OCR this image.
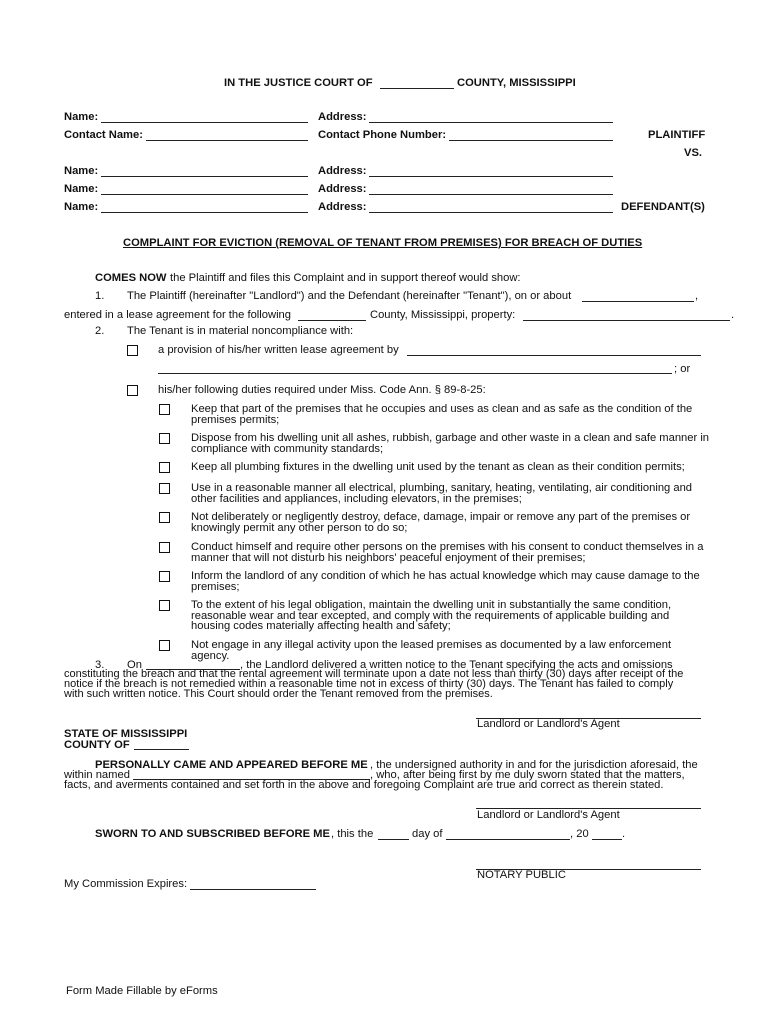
IN THE JUSTICE COURT OF	COUNTY, MISSISSIPPI
Name:	Address:
Contact Name:	Contact Phone Number:	PLAINTIFF
VS.
Name:	Address:
Name:	Address:
Name:	Address:	DEFENDANT(S)
COMPLAINT FOR EVICTION (REMOVAL OF TENANT FROM PREMISES) FOR BREACH OF DUTIES
COMES NOW the Plaintiff and files this Complaint and in support thereof would show:
1. The Plaintiff (hereinafter "Landlord") and the Defendant (hereinafter "Tenant"), on or about	,
entered in a lease agreement for the following	County, Mississippi, property:	.
2. The Tenant is in material noncompliance with:
a provision of his/her written lease agreement by
; or
his/her following duties required under Miss. Code Ann. § 89-8-25:
Keep that part of the premises that he occupies and uses as clean and as safe as the condition of the premises permits;
Dispose from his dwelling unit all ashes, rubbish, garbage and other waste in a clean and safe manner in compliance with community standards;
Keep all plumbing fixtures in the dwelling unit used by the tenant as clean as their condition permits;
Use in a reasonable manner all electrical, plumbing, sanitary, heating, ventilating, air conditioning and other facilities and appliances, including elevators, in the premises;
Not deliberately or negligently destroy, deface, damage, impair or remove any part of the premises or knowingly permit any other person to do so;
Conduct himself and require other persons on the premises with his consent to conduct themselves in a manner that will not disturb his neighbors' peaceful enjoyment of their premises;
Inform the landlord of any condition of which he has actual knowledge which may cause damage to the premises;
To the extent of his legal obligation, maintain the dwelling unit in substantially the same condition, reasonable wear and tear excepted, and comply with the requirements of applicable building and housing codes materially affecting health and safety;
Not engage in any illegal activity upon the leased premises as documented by a law enforcement agency.
3. On	, the Landlord delivered a written notice to the Tenant specifying the acts and omissions
constituting the breach and that the rental agreement will terminate upon a date not less than thirty (30) days after receipt of the
notice if the breach is not remedied within a reasonable time not in excess of thirty (30) days. The Tenant has failed to comply
with such written notice. This Court should order the Tenant removed from the premises.
Landlord or Landlord's Agent
STATE OF MISSISSIPPI
COUNTY OF
PERSONALLY CAME AND APPEARED BEFORE ME , the undersigned authority in and for the jurisdiction aforesaid, the
within named	, who, after being first by me duly sworn stated that the matters,
facts, and averments contained and set forth in the above and foregoing Complaint are true and correct as therein stated.
Landlord or Landlord's Agent
SWORN TO AND SUBSCRIBED BEFORE ME , this the	day of	, 20	.
NOTARY PUBLIC
My Commission Expires:
Form Made Fillable by eForms
